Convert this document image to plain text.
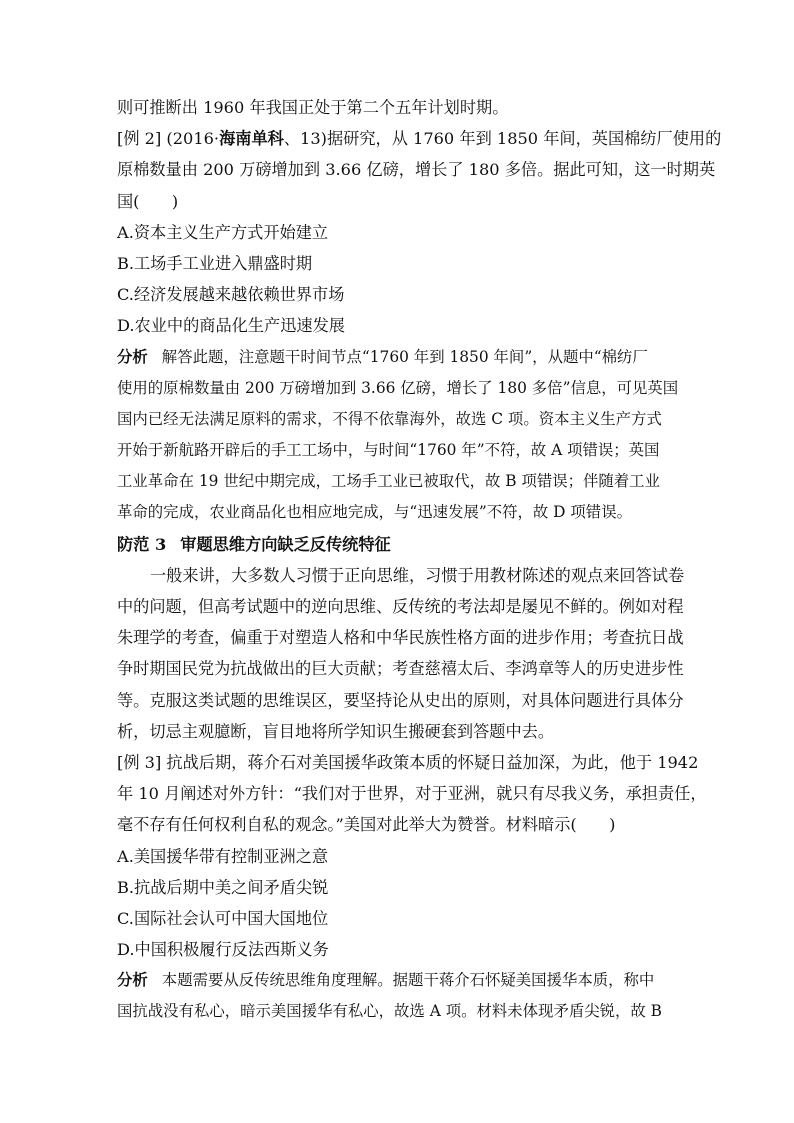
则可推断出 1960 年我国正处于第二个五年计划时期。
[例 2] (2016·海南单科、13)据研究，从 1760 年到 1850 年间，英国棉纺厂使用的
原棉数量由 200 万磅增加到 3.66 亿磅，增长了 180 多倍。据此可知，这一时期英
国(　　)
A.资本主义生产方式开始建立
B.工场手工业进入鼎盛时期
C.经济发展越来越依赖世界市场
D.农业中的商品化生产迅速发展
分析 解答此题，注意题干时间节点“1760 年到 1850 年间”，从题中“棉纺厂
使用的原棉数量由 200 万磅增加到 3.66 亿磅，增长了 180 多倍”信息，可见英国
国内已经无法满足原料的需求，不得不依靠海外，故选 C 项。资本主义生产方式
开始于新航路开辟后的手工工场中，与时间“1760 年”不符，故 A 项错误；英国
工业革命在 19 世纪中期完成，工场手工业已被取代，故 B 项错误；伴随着工业
革命的完成，农业商品化也相应地完成，与“迅速发展”不符，故 D 项错误。
防范 3 审题思维方向缺乏反传统特征
一般来讲，大多数人习惯于正向思维，习惯于用教材陈述的观点来回答试卷
中的问题，但高考试题中的逆向思维、反传统的考法却是屡见不鲜的。例如对程
朱理学的考查，偏重于对塑造人格和中华民族性格方面的进步作用；考查抗日战
争时期国民党为抗战做出的巨大贡献；考查慈禧太后、李鸿章等人的历史进步性
等。克服这类试题的思维误区，要坚持论从史出的原则，对具体问题进行具体分
析，切忌主观臆断，盲目地将所学知识生搬硬套到答题中去。
[例 3] 抗战后期，蒋介石对美国援华政策本质的怀疑日益加深，为此，他于 1942
年 10 月阐述对外方针：“我们对于世界，对于亚洲，就只有尽我义务，承担责任，
毫不存有任何权利自私的观念。”美国对此举大为赞誉。材料暗示(　　)
A.美国援华带有控制亚洲之意
B.抗战后期中美之间矛盾尖锐
C.国际社会认可中国大国地位
D.中国积极履行反法西斯义务
分析 本题需要从反传统思维角度理解。据题干蒋介石怀疑美国援华本质，称中
国抗战没有私心，暗示美国援华有私心，故选 A 项。材料未体现矛盾尖锐，故 B
